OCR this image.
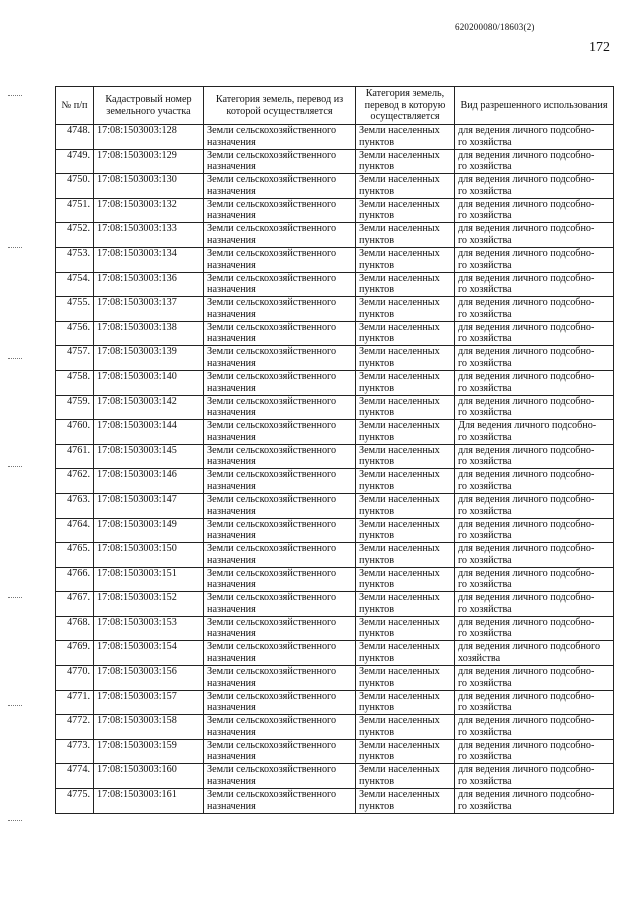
620200080/18603(2)
172
№ п/п	Кадастровый номер земельного участка	Категория земель, перевод из которой осуществляется	Категория земель, перевод в которую осуществляется	Вид разрешенного использования
4748.	17:08:1503003:128	Земли сельскохозяйственного
назначения	Земли населенных
пунктов	для ведения личного подсобно-
го хозяйства

4749.	17:08:1503003:129	Земли сельскохозяйственного
назначения	Земли населенных
пунктов	для ведения личного подсобно-
го хозяйства

4750.	17:08:1503003:130	Земли сельскохозяйственного
назначения	Земли населенных
пунктов	для ведения личного подсобно-
го хозяйства

4751.	17:08:1503003:132	Земли сельскохозяйственного
назначения	Земли населенных
пунктов	для ведения личного подсобно-
го хозяйства

4752.	17:08:1503003:133	Земли сельскохозяйственного
назначения	Земли населенных
пунктов	для ведения личного подсобно-
го хозяйства

4753.	17:08:1503003:134	Земли сельскохозяйственного
назначения	Земли населенных
пунктов	для ведения личного подсобно-
го хозяйства

4754.	17:08:1503003:136	Земли сельскохозяйственного
назначения	Земли населенных
пунктов	для ведения личного подсобно-
го хозяйства

4755.	17:08:1503003:137	Земли сельскохозяйственного
назначения	Земли населенных
пунктов	для ведения личного подсобно-
го хозяйства

4756.	17:08:1503003:138	Земли сельскохозяйственного
назначения	Земли населенных
пунктов	для ведения личного подсобно-
го хозяйства

4757.	17:08:1503003:139	Земли сельскохозяйственного
назначения	Земли населенных
пунктов	для ведения личного подсобно-
го хозяйства

4758.	17:08:1503003:140	Земли сельскохозяйственного
назначения	Земли населенных
пунктов	для ведения личного подсобно-
го хозяйства

4759.	17:08:1503003:142	Земли сельскохозяйственного
назначения	Земли населенных
пунктов	для ведения личного подсобно-
го хозяйства

4760.	17:08:1503003:144	Земли сельскохозяйственного
назначения	Земли населенных
пунктов	Для ведения личного подсобно-
го хозяйства

4761.	17:08:1503003:145	Земли сельскохозяйственного
назначения	Земли населенных
пунктов	для ведения личного подсобно-
го хозяйства

4762.	17:08:1503003:146	Земли сельскохозяйственного
назначения	Земли населенных
пунктов	для ведения личного подсобно-
го хозяйства

4763.	17:08:1503003:147	Земли сельскохозяйственного
назначения	Земли населенных
пунктов	для ведения личного подсобно-
го хозяйства

4764.	17:08:1503003:149	Земли сельскохозяйственного
назначения	Земли населенных
пунктов	для ведения личного подсобно-
го хозяйства

4765.	17:08:1503003:150	Земли сельскохозяйственного
назначения	Земли населенных
пунктов	для ведения личного подсобно-
го хозяйства

4766.	17:08:1503003:151	Земли сельскохозяйственного
назначения	Земли населенных
пунктов	для ведения личного подсобно-
го хозяйства

4767.	17:08:1503003:152	Земли сельскохозяйственного
назначения	Земли населенных
пунктов	для ведения личного подсобно-
го хозяйства

4768.	17:08:1503003:153	Земли сельскохозяйственного
назначения	Земли населенных
пунктов	для ведения личного подсобно-
го хозяйства

4769.	17:08:1503003:154	Земли сельскохозяйственного
назначения	Земли населенных
пунктов	для ведения личного подсобного
хозяйства

4770.	17:08:1503003:156	Земли сельскохозяйственного
назначения	Земли населенных
пунктов	для ведения личного подсобно-
го хозяйства

4771.	17:08:1503003:157	Земли сельскохозяйственного
назначения	Земли населенных
пунктов	для ведения личного подсобно-
го хозяйства

4772.	17:08:1503003:158	Земли сельскохозяйственного
назначения	Земли населенных
пунктов	для ведения личного подсобно-
го хозяйства

4773.	17:08:1503003:159	Земли сельскохозяйственного
назначения	Земли населенных
пунктов	для ведения личного подсобно-
го хозяйства

4774.	17:08:1503003:160	Земли сельскохозяйственного
назначения	Земли населенных
пунктов	для ведения личного подсобно-
го хозяйства

4775.	17:08:1503003:161	Земли сельскохозяйственного
назначения	Земли населенных
пунктов	для ведения личного подсобно-
го хозяйства
